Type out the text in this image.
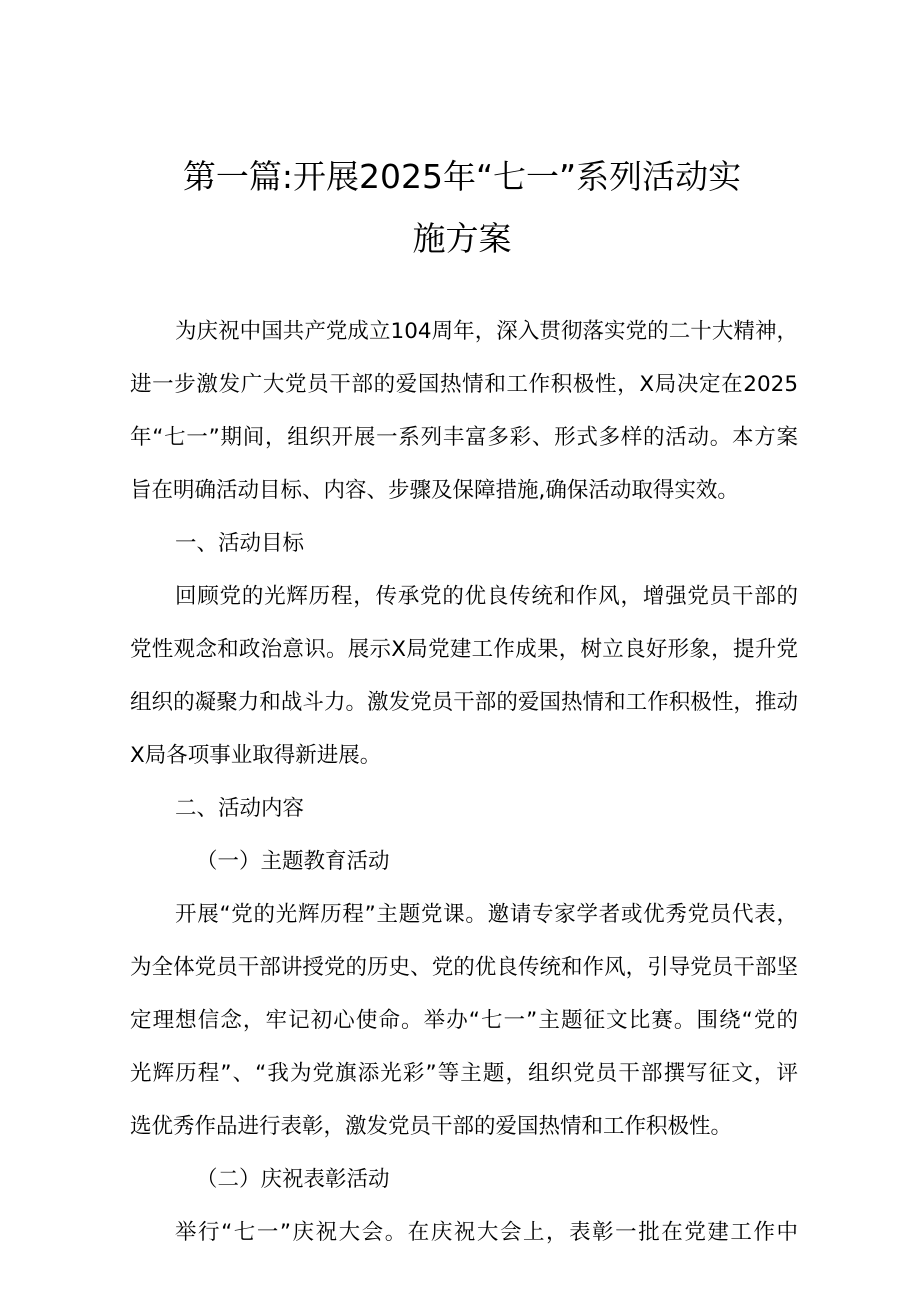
第一篇:开展2025年“七一”系列活动实
施方案
为庆祝中国共产党成立104周年，深入贯彻落实党的二十大精神，
进一步激发广大党员干部的爱国热情和工作积极性，X局决定在2025
年“七一”期间，组织开展一系列丰富多彩、形式多样的活动。本方案
旨在明确活动目标、内容、步骤及保障措施,确保活动取得实效。
一、活动目标
回顾党的光辉历程，传承党的优良传统和作风，增强党员干部的
党性观念和政治意识。展示X局党建工作成果，树立良好形象，提升党
组织的凝聚力和战斗力。激发党员干部的爱国热情和工作积极性，推动
X局各项事业取得新进展。
二、活动内容
（一）主题教育活动
开展“党的光辉历程”主题党课。邀请专家学者或优秀党员代表，
为全体党员干部讲授党的历史、党的优良传统和作风，引导党员干部坚
定理想信念，牢记初心使命。举办“七一”主题征文比赛。围绕“党的
光辉历程”、“我为党旗添光彩”等主题，组织党员干部撰写征文，评
选优秀作品进行表彰，激发党员干部的爱国热情和工作积极性。
（二）庆祝表彰活动
举行“七一”庆祝大会。在庆祝大会上，表彰一批在党建工作中
